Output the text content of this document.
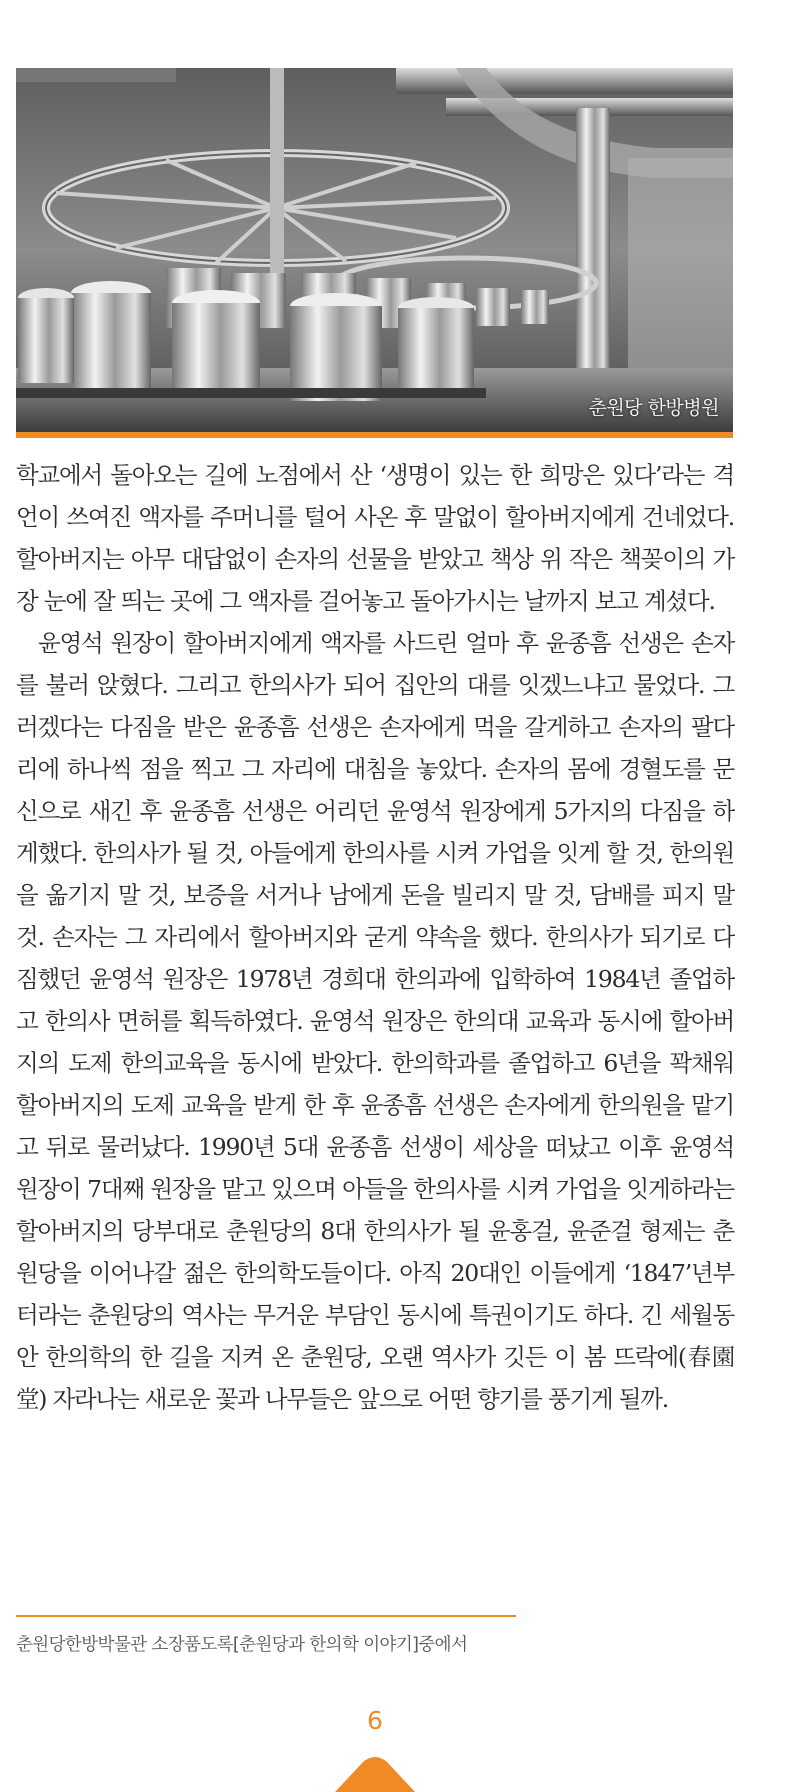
춘원당 한방병원

학교에서 돌아오는 길에 노점에서 산 ‘생명이 있는 한 희망은 있다’라는 격언이 쓰여진 액자를 주머니를 털어 사온 후 말없이 할아버지에게 건네었다. 할아버지는 아무 대답없이 손자의 선물을 받았고 책상 위 작은 책꽂이의 가장 눈에 잘 띄는 곳에 그 액자를 걸어놓고 돌아가시는 날까지 보고 계셨다.

윤영석 원장이 할아버지에게 액자를 사드린 얼마 후 윤종흠 선생은 손자를 불러 앉혔다. 그리고 한의사가 되어 집안의 대를 잇겠느냐고 물었다. 그러겠다는 다짐을 받은 윤종흠 선생은 손자에게 먹을 갈게하고 손자의 팔다리에 하나씩 점을 찍고 그 자리에 대침을 놓았다. 손자의 몸에 경혈도를 문신으로 새긴 후 윤종흠 선생은 어리던 윤영석 원장에게 5가지의 다짐을 하게했다. 한의사가 될 것, 아들에게 한의사를 시켜 가업을 잇게 할 것, 한의원을 옮기지 말 것, 보증을 서거나 남에게 돈을 빌리지 말 것, 담배를 피지 말 것. 손자는 그 자리에서 할아버지와 굳게 약속을 했다. 한의사가 되기로 다짐했던 윤영석 원장은 1978년 경희대 한의과에 입학하여 1984년 졸업하고 한의사 면허를 획득하였다. 윤영석 원장은 한의대 교육과 동시에 할아버지의 도제 한의교육을 동시에 받았다. 한의학과를 졸업하고 6년을 꽉채워 할아버지의 도제 교육을 받게 한 후 윤종흠 선생은 손자에게 한의원을 맡기고 뒤로 물러났다. 1990년 5대 윤종흠 선생이 세상을 떠났고 이후 윤영석 원장이 7대째 원장을 맡고 있으며 아들을 한의사를 시켜 가업을 잇게하라는 할아버지의 당부대로 춘원당의 8대 한의사가 될 윤홍걸, 윤준걸 형제는 춘원당을 이어나갈 젊은 한의학도들이다. 아직 20대인 이들에게 ‘1847’년부터라는 춘원당의 역사는 무거운 부담인 동시에 특권이기도 하다. 긴 세월동안 한의학의 한 길을 지켜 온 춘원당, 오랜 역사가 깃든 이 봄 뜨락에(春園堂) 자라나는 새로운 꽃과 나무들은 앞으로 어떤 향기를 풍기게 될까.

춘원당한방박물관 소장품도록[춘원당과 한의학 이야기]중에서
6
